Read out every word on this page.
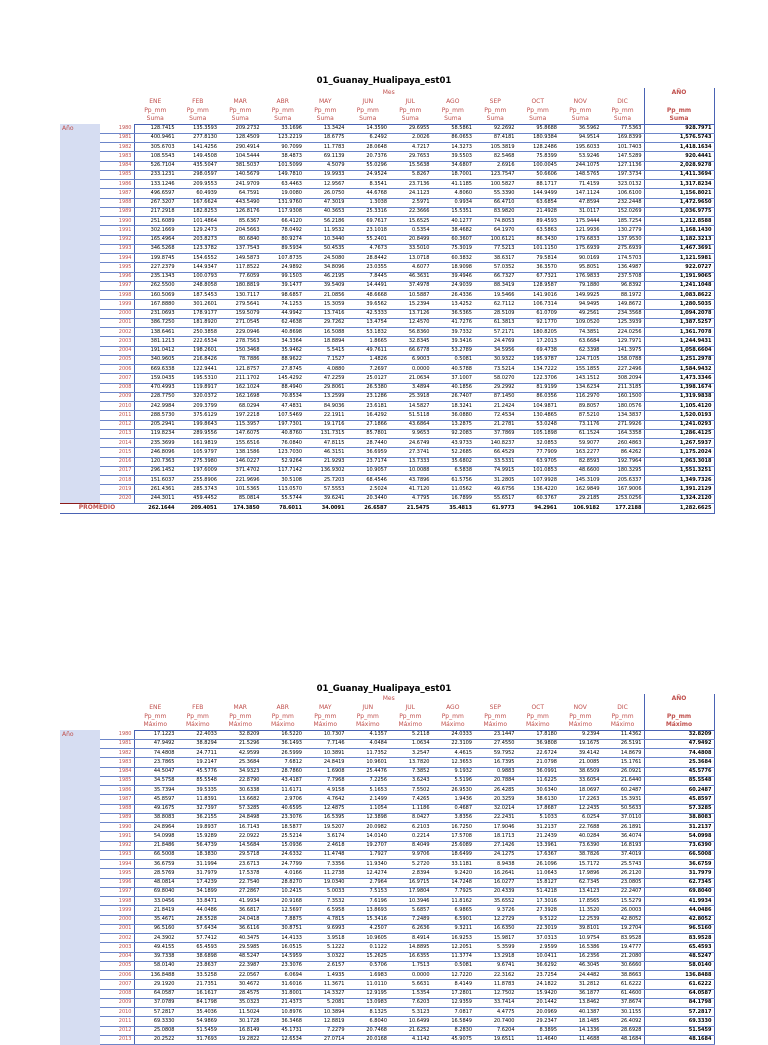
01_Guanay_Hualipaya_est01
		Mes												AÑO
		ENE	FEB	MAR	ABR	MAY	JUN	JUL	AGO	SEP	OCT	NOV	DIC	
		Pp_mm	Pp_mm	Pp_mm	Pp_mm	Pp_mm	Pp_mm	Pp_mm	Pp_mm	Pp_mm	Pp_mm	Pp_mm	Pp_mm	Pp_mm
		Suma	Suma	Suma	Suma	Suma	Suma	Suma	Suma	Suma	Suma	Suma	Suma	Suma
Año	1980	128.7415	135.3593	209.2732	33.1696	13.3424	14.3590	29.6955	58.5861	92.2692	95.8688	36.5962	77.5363	928.7971
	1981	400.9461	277.8130	128.4509	123.2219	18.6775	6.2492	2.0026	86.0653	87.4181	180.9384	94.9514	169.8399	1,576.5743
	1982	305.6703	141.4256	290.4914	90.7099	11.7783	28.0648	4.7217	14.3273	105.3819	128.2486	195.6033	101.7403	1,418.1634
	1983	108.5543	149.4508	104.5444	38.4873	69.1139	20.7376	29.7653	39.5503	82.5468	75.8399	53.9246	147.5289	920.4441
	1984	526.7104	435.5047	381.5037	101.5099	4.5079	55.0296	15.5638	34.6807	2.6916	100.0045	244.1075	127.1136	2,028.9278
	1985	233.1231	298.0597	140.5679	149.7810	19.9933	24.9524	5.8267	18.7001	123.7547	50.6606	148.5765	197.3734	1,411.3694
	1986	133.1246	209.9553	241.9709	63.4463	12.9567	8.3541	23.7136	41.1185	100.5827	88.1717	71.4159	323.0132	1,317.8234
	1987	496.6597	60.4939	64.7591	19.0080	26.0750	44.6768	24.1123	4.8060	55.3390	144.9499	147.1124	106.6100	1,156.8021
	1988	267.3207	167.6624	443.5490	131.9760	47.3019	1.3038	2.5971	0.9934	66.4710	63.6854	47.8594	232.2448	1,472.9650
	1989	217.2918	182.8253	126.8176	117.9308	40.3653	25.3316	22.3666	15.5351	83.9820	21.4928	31.0117	152.0269	1,036.9775
	1990	251.6089	101.4864	85.6367	66.4120	56.2186	69.7617	15.6525	40.1277	74.8053	89.4593	175.9444	185.7254	1,212.8588
	1991	302.1669	129.2473	204.5663	78.0492	11.9532	23.1018	0.5354	38.4682	64.1970	63.5863	121.9936	130.2779	1,168.1430
	1992	165.4964	203.8273	80.6840	80.9274	10.3440	55.2401	20.8499	60.3607	100.6121	86.3430	179.6833	137.9530	1,182.3213
	1993	346.5268	123.3782	137.7543	89.5934	50.4535	4.7673	33.5010	75.3019	77.5213	101.1150	175.6939	275.6939	1,467.3691
	1994	199.8745	154.6552	149.5873	107.8735	24.5080	28.8442	13.0718	60.3832	38.6317	79.5814	90.0169	174.5703	1,121.5981
	1995	227.2379	144.9347	117.8522	24.9892	34.8096	23.0355	4.6077	18.9098	57.0352	36.3570	95.8051	136.4987	922.0727
	1996	235.1343	100.0793	77.6059	99.1503	46.2195	7.8445	46.3631	39.4946	66.7327	67.7321	176.9833	237.5708	1,191.9065
	1997	262.5500	248.8058	180.8819	39.1477	39.5409	14.4491	37.4978	24.9039	88.3419	128.9587	79.1880	96.8392	1,241.1048
	1998	160.5069	187.5453	130.7117	98.6857	21.0856	48.6668	10.5887	26.4336	19.5466	141.9016	149.9925	88.1972	1,083.8622
	1999	167.8880	301.2601	279.5641	74.1253	15.3059	39.6562	15.2394	13.4252	62.7112	106.7314	94.9495	149.8672	1,280.5035
	2000	231.0693	178.9177	159.5079	44.9942	13.7416	42.5333	13.7126	36.5365	28.5109	61.0709	49.2561	234.3568	1,094.2078
	2001	386.7250	181.8920	271.0545	62.4638	29.7262	13.4754	12.4570	41.7276	61.3813	92.1770	109.0520	125.3939	1,387.5257
	2002	138.6461	250.3858	229.0946	40.8698	16.5088	53.1832	56.8360	39.7332	57.2171	180.8205	74.3851	224.0256	1,361.7078
	2003	381.1213	222.6534	278.7563	34.3364	18.8894	1.8665	32.8345	39.3416	24.4769	17.2013	63.6684	129.7971	1,244.9431
	2004	191.0412	198.2601	150.3468	35.9462	5.5415	49.7611	66.6778	53.2789	34.5956	69.4738	62.3398	141.3975	1,058.6604
	2005	340.9605	216.8426	78.7886	88.9622	7.1527	1.4826	6.9003	0.5081	30.9322	195.9787	124.7105	158.0788	1,251.2978
	2006	669.6338	122.9441	121.8757	27.8745	4.0880	7.2697	0.0000	40.5788	73.5214	134.7222	155.1855	227.2496	1,584.9432
	2007	159.0435	195.5310	211.1702	145.4292	47.2259	25.0127	21.0634	37.1007	58.0270	122.3706	143.1512	308.2094	1,473.3346
	2008	470.4993	119.8917	162.1024	88.4940	29.8061	26.5380	3.4894	40.1856	29.2992	81.9199	134.6234	211.3185	1,398.1674
	2009	228.7750	320.0372	162.1698	70.8534	13.2599	23.1286	25.3918	26.7407	87.1450	86.0356	116.2970	160.1500	1,319.9838
	2010	242.9984	209.3799	68.0294	47.4831	84.9036	23.6181	14.5827	18.3241	21.2424	104.9871	89.8057	180.0576	1,105.4120
	2011	288.5730	375.6129	197.2218	107.5469	22.1911	16.4292	51.5118	36.0880	72.4534	130.4865	87.5210	134.3837	1,520.0193
	2012	205.2941	199.8643	115.3957	197.7301	19.1716	27.1866	43.6864	13.2875	21.2781	53.0248	73.1176	271.9926	1,241.0293
	2013	119.8234	289.9556	147.6075	40.8760	131.7315	85.7801	9.9653	92.2083	37.7869	105.1898	61.1524	164.3358	1,286.4125
	2014	235.3699	161.9819	155.6516	76.0840	47.8115	28.7440	24.6749	43.9733	140.8237	32.0853	59.9077	260.4863	1,267.5937
	2015	246.8096	105.9797	138.1586	123.7030	46.3151	36.6959	27.3741	52.2685	66.4529	77.7909	163.2277	86.4262	1,175.2024
	2016	120.7363	275.3980	146.0227	52.9264	21.9293	23.7174	13.7333	35.6802	33.5331	63.9705	82.8593	192.7964	1,063.3018
	2017	296.1452	197.6009	371.4702	117.7142	136.9302	10.9057	10.0088	6.5838	74.9915	101.0853	48.6600	180.3295	1,551.3251
	2018	151.6037	255.8906	221.9696	30.5108	25.7203	68.4546	43.7896	61.5756	31.2805	107.9928	145.3109	205.6337	1,349.7326
	2019	261.4361	285.3743	101.5365	113.0570	57.5553	2.5024	41.7120	11.0562	49.6756	136.4220	162.9849	167.9006	1,391.2129
	2020	244.3011	459.4452	85.0814	55.5744	39.6241	20.3440	4.7795	16.7899	55.6517	60.3767	29.2185	253.0256	1,324.2120
PROMEDIO		262.1644	209.4051	174.3850	78.6011	34.0091	26.6587	21.5475	35.4813	61.9773	94.2961	106.9182	177.2188	1,282.6625
01_Guanay_Hualipaya_est01
		Mes												AÑO
		ENE	FEB	MAR	ABR	MAY	JUN	JUL	AGO	SEP	OCT	NOV	DIC	
		Pp_mm	Pp_mm	Pp_mm	Pp_mm	Pp_mm	Pp_mm	Pp_mm	Pp_mm	Pp_mm	Pp_mm	Pp_mm	Pp_mm	Pp_mm
		Máximo	Máximo	Máximo	Máximo	Máximo	Máximo	Máximo	Máximo	Máximo	Máximo	Máximo	Máximo	Máximo
Año	1980	17.1223	22.4033	32.8209	16.5220	10.7307	4.1357	5.2118	24.0333	23.1447	17.8180	9.2394	11.4362	32.8209
	1981	47.9492	38.8294	21.5296	36.1493	7.7146	4.0484	1.0634	22.3109	27.4550	36.9808	19.1675	26.5191	47.9492
	1982	74.4808	24.7711	42.9599	26.5999	10.3891	11.7352	3.2547	4.4615	59.7952	22.6724	39.4142	14.8679	74.4808
	1983	23.7865	19.2147	25.3684	7.6812	24.8419	10.9601	13.7820	12.3653	16.7395	21.0798	21.0085	15.1761	25.3684
	1984	44.5047	45.5776	34.9323	28.7860	1.6908	25.4476	7.3852	9.1932	0.9883	36.0991	38.6509	26.0921	45.5776
	1985	34.5758	85.5548	22.8790	43.4187	7.7968	7.2256	3.6243	5.5196	20.7884	11.6225	33.6054	21.6440	85.5548
	1986	35.7394	39.5335	30.6338	11.6171	4.9158	5.1653	7.5502	26.9530	26.4285	30.6340	18.0697	60.2487	60.2487
	1987	45.8597	11.8391	13.6682	2.9706	4.7642	2.1499	7.4265	1.9436	20.3259	38.6130	17.2263	15.3931	45.8597
	1988	49.1675	32.7397	57.3285	40.6595	12.4875	1.1054	1.1186	0.4687	32.0214	17.8687	12.2435	50.5633	57.3285
	1989	38.8083	36.2155	24.8498	23.3076	16.5395	12.3898	8.0427	3.8356	22.2431	5.1033	6.0254	37.0110	38.8083
	1990	24.8964	19.8937	16.7143	18.5877	19.5207	20.0982	6.2103	16.7250	17.9046	31.2137	22.7688	26.1891	31.2137
	1991	54.0998	15.9289	22.0922	25.5214	3.6174	14.0140	0.2214	17.5708	18.1713	21.2439	40.0284	36.4074	54.0998
	1992	21.8486	56.4739	14.5684	15.0936	2.4618	19.2707	8.4049	25.6089	27.1426	13.3961	73.6390	16.8193	73.6390
	1993	66.5008	18.3830	29.5718	24.6332	11.4748	1.7927	9.9706	18.6499	24.1275	17.6367	38.7826	37.4019	66.5008
	1994	36.6759	31.1994	23.6713	24.7799	7.3356	11.9340	5.2720	33.1181	8.9438	26.1096	15.7172	25.5743	36.6759
	1995	28.5769	31.7979	17.5378	4.0166	11.2738	12.4274	2.8394	9.2420	16.2641	11.0643	17.9896	26.2120	31.7979
	1996	48.0814	17.4239	22.7540	28.8270	19.0340	2.7964	16.9715	14.7248	16.0277	15.8127	62.7345	23.0805	62.7345
	1997	69.8040	34.1899	27.2867	10.2415	5.0033	7.5153	17.9804	7.7925	20.4339	51.4218	13.4123	22.2407	69.8040
	1998	33.0456	33.8471	41.9934	20.9168	7.3532	7.6196	10.3946	11.8162	35.6552	17.3016	17.8565	15.5279	41.9934
	1999	21.8419	44.0486	36.6817	12.5697	6.5958	13.8693	5.6857	6.9865	9.3726	27.3928	11.3520	26.0003	44.0486
	2000	35.4671	28.5528	24.0418	7.8875	4.7815	15.3416	7.2489	6.5901	12.2729	9.5122	12.2539	42.8052	42.8052
	2001	96.5160	57.6434	36.6116	30.8751	9.6993	4.2507	6.2636	9.3211	16.6350	22.3019	39.8101	19.2704	96.5160
	2002	24.3902	57.7412	40.3475	14.4133	3.9518	10.9605	8.4914	16.9253	15.9817	37.0313	10.9754	83.9528	83.9528
	2003	49.4155	65.4593	29.5985	16.0515	5.1222	0.1122	14.8895	12.2051	5.3599	2.9599	16.5386	19.4777	65.4593
	2004	39.7338	38.6898	48.5247	14.5959	3.0322	15.2625	16.6355	11.3774	13.2918	10.0411	16.2356	21.2080	48.5247
	2005	58.0140	23.8637	22.3987	23.3076	2.6157	0.5706	1.7513	0.5081	9.6741	36.6292	46.3045	30.6660	58.0140
	2006	136.8488	33.5258	22.0567	6.0694	1.4935	1.6983	0.0000	12.7220	22.3162	23.7254	24.4482	38.8663	136.8488
	2007	29.1920	21.7351	30.4672	31.6016	11.3671	11.0110	5.6631	8.4149	11.8783	24.1822	31.2812	61.6222	61.6222
	2008	64.0587	16.1617	28.4575	31.8001	14.3327	12.9195	1.5354	17.2801	12.7502	15.9420	36.1877	61.4600	64.0587
	2009	37.0789	84.1798	35.0323	21.4373	5.2081	13.0983	7.6203	12.9359	33.7414	20.1442	13.8462	37.8674	84.1798
	2010	57.2817	35.4036	11.5024	10.8976	10.3894	8.1325	5.3123	7.0817	4.4775	20.0969	40.1387	30.1155	57.2817
	2011	69.3330	54.9869	30.1728	36.3468	12.8819	6.8040	10.6499	16.5849	20.7400	29.2347	18.1485	26.4092	69.3330
	2012	25.0808	51.5459	16.8149	45.1731	7.2279	20.7468	21.6252	8.2830	7.6204	8.3895	14.1336	28.6928	51.5459
	2013	20.2522	31.7693	19.2822	12.6534	27.0714	20.0168	4.1142	45.9075	19.6511	11.4640	11.4688	48.1684	48.1684
